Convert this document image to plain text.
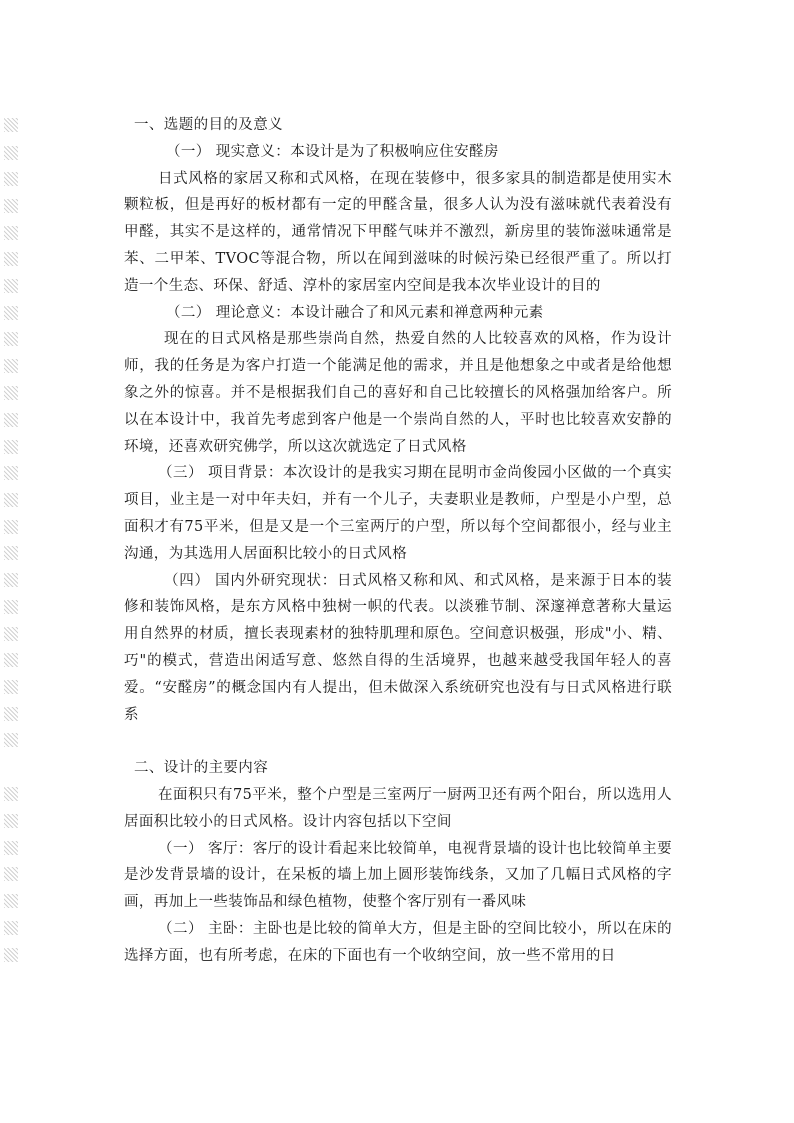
一、选题的目的及意义
（一） 现实意义：本设计是为了积极响应住安醛房
日式风格的家居又称和式风格，在现在装修中，很多家具的制造都是使用实木颗粒板，但是再好的板材都有一定的甲醛含量，很多人认为没有滋味就代表着没有甲醛，其实不是这样的，通常情况下甲醛气味并不激烈，新房里的装饰滋味通常是苯、二甲苯、TVOC等混合物，所以在闻到滋味的时候污染已经很严重了。所以打造一个生态、环保、舒适、淳朴的家居室内空间是我本次毕业设计的目的
（二） 理论意义：本设计融合了和风元素和禅意两种元素
现在的日式风格是那些崇尚自然，热爱自然的人比较喜欢的风格，作为设计师，我的任务是为客户打造一个能满足他的需求，并且是他想象之中或者是给他想象之外的惊喜。并不是根据我们自己的喜好和自己比较擅长的风格强加给客户。所以在本设计中，我首先考虑到客户他是一个崇尚自然的人，平时也比较喜欢安静的环境，还喜欢研究佛学，所以这次就选定了日式风格
（三） 项目背景：本次设计的是我实习期在昆明市金尚俊园小区做的一个真实项目，业主是一对中年夫妇，并有一个儿子，夫妻职业是教师，户型是小户型，总面积才有75平米，但是又是一个三室两厅的户型，所以每个空间都很小，经与业主沟通，为其选用人居面积比较小的日式风格
（四） 国内外研究现状：日式风格又称和风、和式风格，是来源于日本的装修和装饰风格，是东方风格中独树一帜的代表。以淡雅节制、深邃禅意著称大量运用自然界的材质，擅长表现素材的独特肌理和原色。空间意识极强，形成"小、精、巧"的模式，营造出闲适写意、悠然自得的生活境界，也越来越受我国年轻人的喜爱。“安醛房”的概念国内有人提出，但未做深入系统研究也没有与日式风格进行联系
二、设计的主要内容
在面积只有75平米，整个户型是三室两厅一厨两卫还有两个阳台，所以选用人居面积比较小的日式风格。设计内容包括以下空间
（一） 客厅：客厅的设计看起来比较简单，电视背景墙的设计也比较简单主要是沙发背景墙的设计，在呆板的墙上加上圆形装饰线条，又加了几幅日式风格的字画，再加上一些装饰品和绿色植物，使整个客厅别有一番风味
（二） 主卧：主卧也是比较的简单大方，但是主卧的空间比较小，所以在床的选择方面，也有所考虑，在床的下面也有一个收纳空间，放一些不常用的日
